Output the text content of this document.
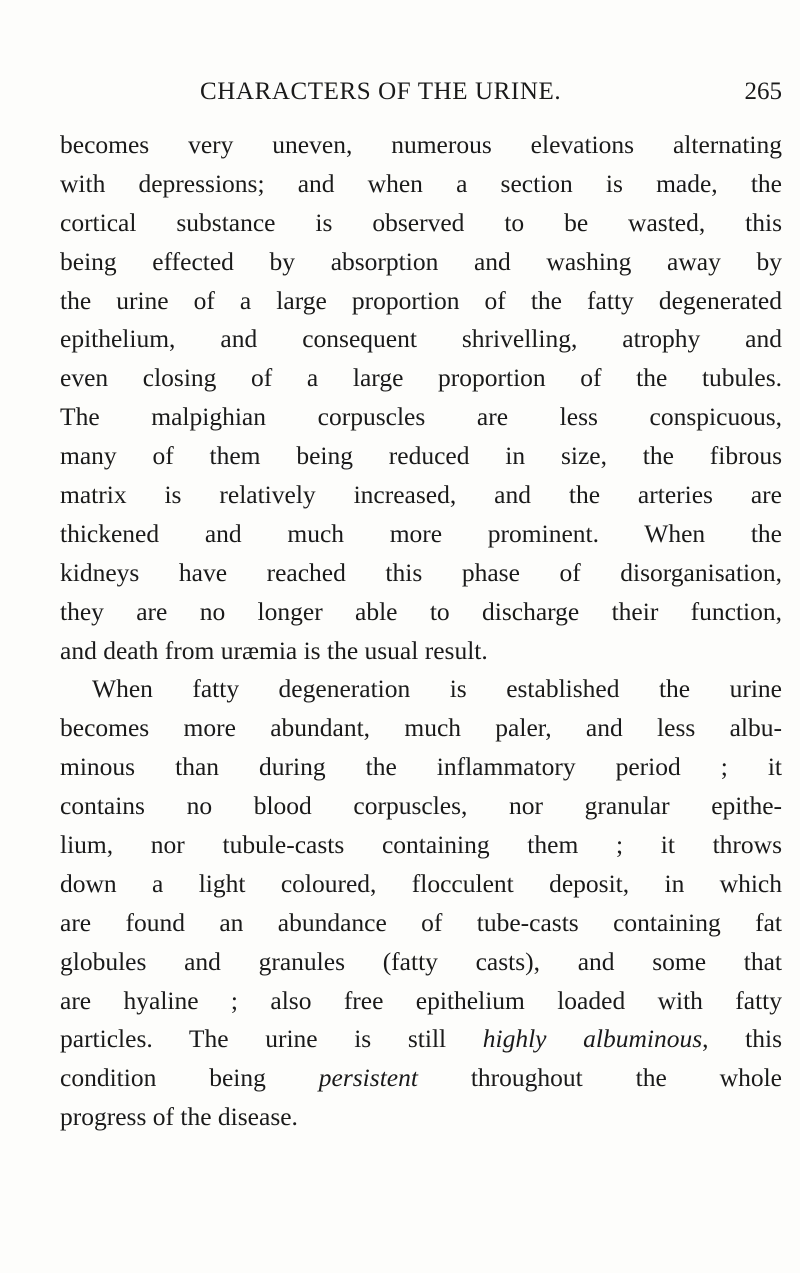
CHARACTERS OF THE URINE.	265
becomes very uneven, numerous elevations alternating
with depressions; and when a section is made, the
cortical substance is observed to be wasted, this
being effected by absorption and washing away by
the urine of a large proportion of the fatty degenerated
epithelium, and consequent shrivelling, atrophy and
even closing of a large proportion of the tubules.
The malpighian corpuscles are less conspicuous,
many of them being reduced in size, the fibrous
matrix is relatively increased, and the arteries are
thickened and much more prominent. When the
kidneys have reached this phase of disorganisation,
they are no longer able to discharge their function,
and death from uræmia is the usual result.
When fatty degeneration is established the urine
becomes more abundant, much paler, and less albu-
minous than during the inflammatory period ; it
contains no blood corpuscles, nor granular epithe-
lium, nor tubule-casts containing them ; it throws
down a light coloured, flocculent deposit, in which
are found an abundance of tube-casts containing fat
globules and granules (fatty casts), and some that
are hyaline ; also free epithelium loaded with fatty
particles. The urine is still highly albuminous, this
condition being persistent throughout the whole
progress of the disease.
